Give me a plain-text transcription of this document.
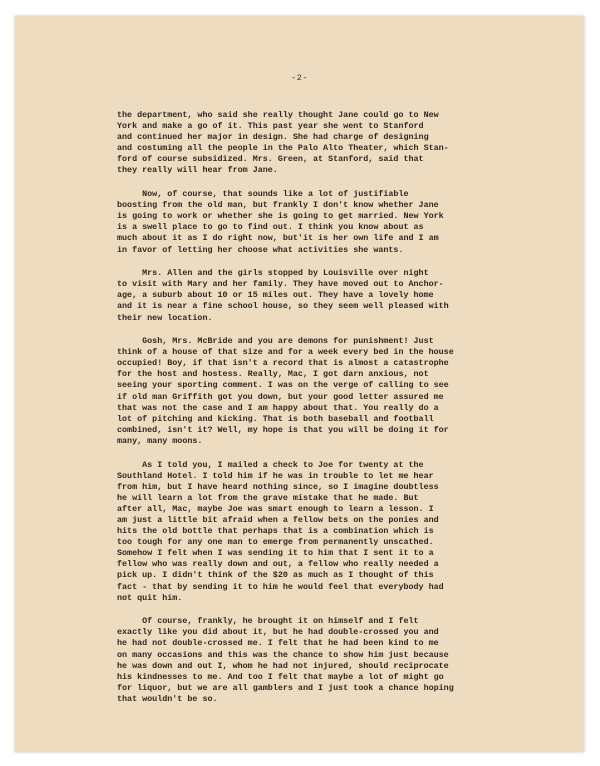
-2-
the department, who said she really thought Jane could go to New
York and make a go of it. This past year she went to Stanford
and continued her major in design. She had charge of designing
and costuming all the people in the Palo Alto Theater, which Stan-
ford of course subsidized. Mrs. Green, at Stanford, said that
they really will hear from Jane.
Now, of course, that sounds like a lot of justifiable
boosting from the old man, but frankly I don't know whether Jane
is going to work or whether she is going to get married. New York
is a swell place to go to find out. I think you know about as
much about it as I do right now, but'it is her own life and I am
in favor of letting her choose what activities she wants.
Mrs. Allen and the girls stopped by Louisville over night
to visit with Mary and her family. They have moved out to Anchor-
age, a suburb about 10 or 15 miles out. They have a lovely home
and it is near a fine school house, so they seem well pleased with
their new location.
Gosh, Mrs. McBride and you are demons for punishment! Just
think of a house of that size and for a week every bed in the house
occupied! Boy, if that isn't a record that is almost a catastrophe
for the host and hostess. Really, Mac, I got darn anxious, not
seeing your sporting comment. I was on the verge of calling to see
if old man Griffith got you down, but your good letter assured me
that was not the case and I am happy about that. You really do a
lot of pitching and kicking. That is both baseball and football
combined, isn't it? Well, my hope is that you will be doing it for
many, many moons.
As I told you, I mailed a check to Joe for twenty at the
Southland Hotel. I told him if he was in trouble to let me hear
from him, but I have heard nothing since, so I imagine doubtless
he will learn a lot from the grave mistake that he made. But
after all, Mac, maybe Joe was smart enough to learn a lesson. I
am just a little bit afraid when a fellow bets on the ponies and
hits the old bottle that perhaps that is a combination which is
too tough for any one man to emerge from permanently unscathed.
Somehow I felt when I was sending it to him that I sent it to a
fellow who was really down and out, a fellow who really needed a
pick up. I didn't think of the $20 as much as I thought of this
fact - that by sending it to him he would feel that everybody had
not quit him.
Of course, frankly, he brought it on himself and I felt
exactly like you did about it, but he had double-crossed you and
he had not double-crossed me. I felt that he had been kind to me
on many occasions and this was the chance to show him just because
he was down and out I, whom he had not injured, should reciprocate
his kindnesses to me. And too I felt that maybe a lot of might go
for liquor, but we are all gamblers and I just took a chance hoping
that wouldn't be so.
